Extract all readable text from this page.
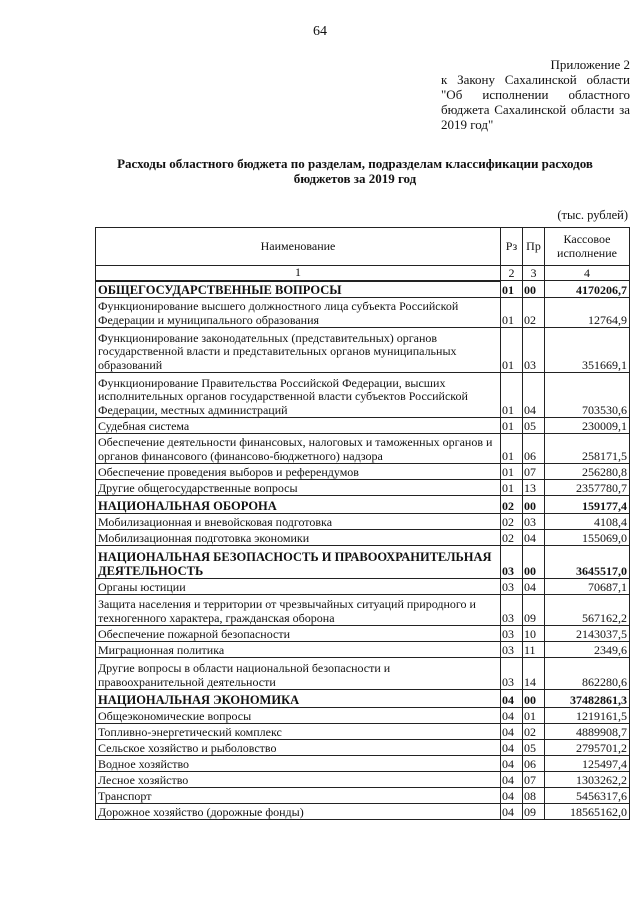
64
Приложение 2
к Закону Сахалинской области
"Об исполнении областного
бюджета Сахалинской области за
2019 год"
Расходы областного бюджета по разделам, подразделам классификации расходов
бюджетов за 2019 год
(тыс. рублей)
Наименование	Рз	Пр	Кассовое исполнение
1	2	3	4
ОБЩЕГОСУДАРСТВЕННЫЕ ВОПРОСЫ	01	00	4170206,7
Функционирование высшего должностного лица субъекта Российской Федерации и муниципального образования	01	02	12764,9
Функционирование законодательных (представительных) органов государственной власти и представительных органов муниципальных образований	01	03	351669,1
Функционирование Правительства Российской Федерации, высших исполнительных органов государственной власти субъектов Российской Федерации, местных администраций	01	04	703530,6
Судебная система	01	05	230009,1
Обеспечение деятельности финансовых, налоговых и таможенных органов и органов финансового (финансово-бюджетного) надзора	01	06	258171,5
Обеспечение проведения выборов и референдумов	01	07	256280,8
Другие общегосударственные вопросы	01	13	2357780,7
НАЦИОНАЛЬНАЯ ОБОРОНА	02	00	159177,4
Мобилизационная и вневойсковая подготовка	02	03	4108,4
Мобилизационная подготовка экономики	02	04	155069,0
НАЦИОНАЛЬНАЯ БЕЗОПАСНОСТЬ И ПРАВООХРАНИТЕЛЬНАЯ ДЕЯТЕЛЬНОСТЬ	03	00	3645517,0
Органы юстиции	03	04	70687,1
Защита населения и территории от чрезвычайных ситуаций природного и техногенного характера, гражданская оборона	03	09	567162,2
Обеспечение пожарной безопасности	03	10	2143037,5
Миграционная политика	03	11	2349,6
Другие вопросы в области национальной безопасности и правоохранительной деятельности	03	14	862280,6
НАЦИОНАЛЬНАЯ ЭКОНОМИКА	04	00	37482861,3
Общеэкономические вопросы	04	01	1219161,5
Топливно-энергетический комплекс	04	02	4889908,7
Сельское хозяйство и рыболовство	04	05	2795701,2
Водное хозяйство	04	06	125497,4
Лесное хозяйство	04	07	1303262,2
Транспорт	04	08	5456317,6
Дорожное хозяйство (дорожные фонды)	04	09	18565162,0
